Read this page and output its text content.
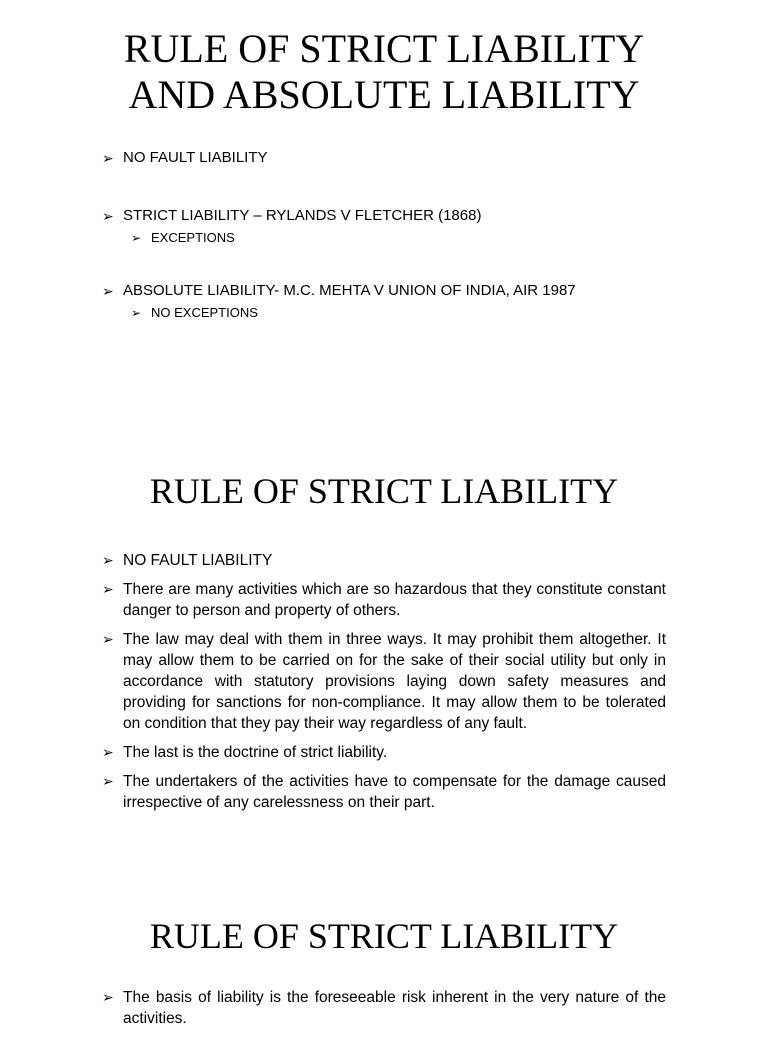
RULE OF STRICT LIABILITY
AND ABSOLUTE LIABILITY
➢ NO FAULT LIABILITY
➢ STRICT LIABILITY – RYLANDS V FLETCHER (1868)
➢ EXCEPTIONS
➢ ABSOLUTE LIABILITY- M.C. MEHTA V UNION OF INDIA, AIR 1987
➢ NO EXCEPTIONS
RULE OF STRICT LIABILITY
➢ NO FAULT LIABILITY
➢ There are many activities which are so hazardous that they constitute constant danger to person and property of others.
➢ The law may deal with them in three ways. It may prohibit them altogether. It may allow them to be carried on for the sake of their social utility but only in accordance with statutory provisions laying down safety measures and providing for sanctions for non-compliance. It may allow them to be tolerated on condition that they pay their way regardless of any fault.
➢ The last is the doctrine of strict liability.
➢ The undertakers of the activities have to compensate for the damage caused irrespective of any carelessness on their part.
RULE OF STRICT LIABILITY
➢ The basis of liability is the foreseeable risk inherent in the very nature of the activities.
